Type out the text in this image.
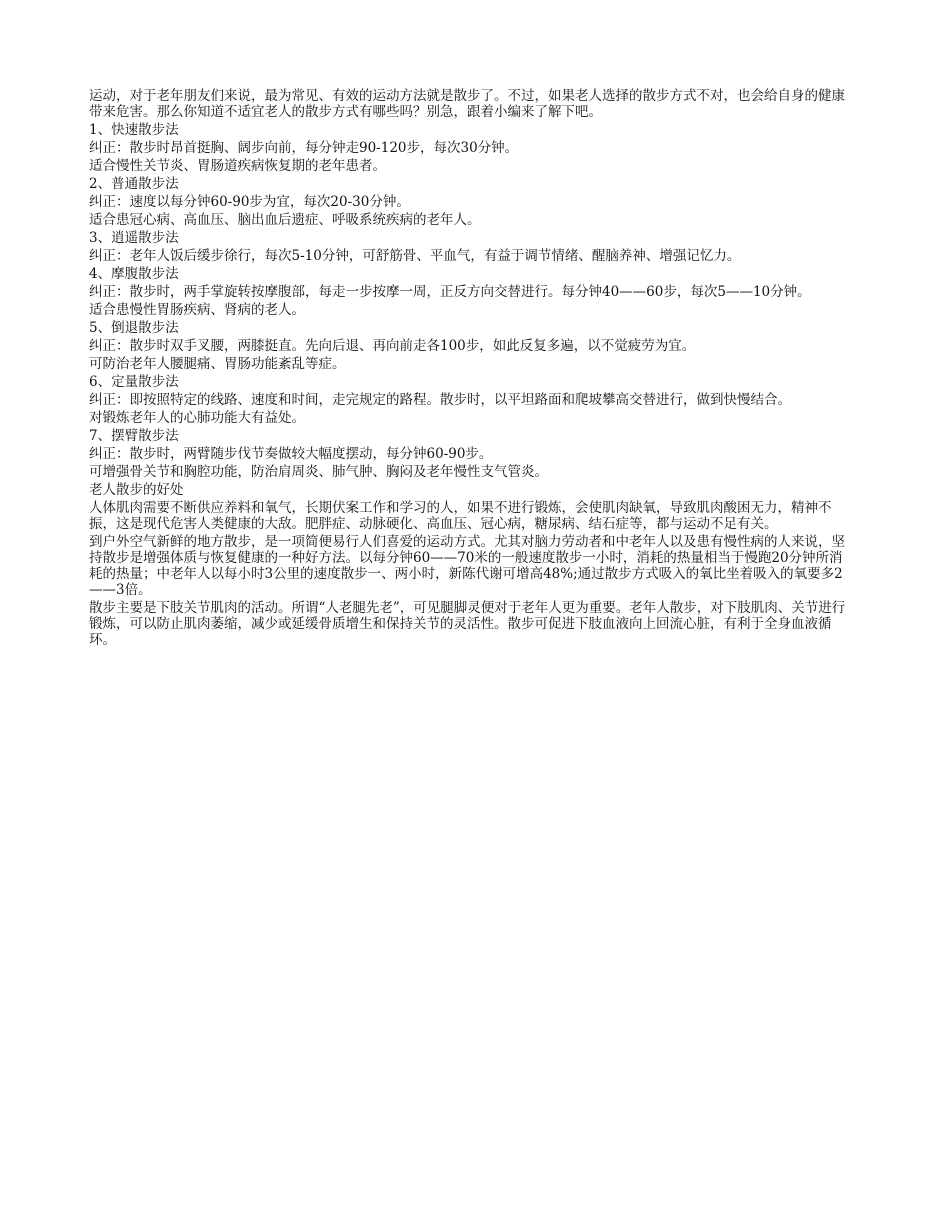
运动，对于老年朋友们来说，最为常见、有效的运动方法就是散步了。不过，如果老人选择的散步方式不对，也会给自身的健康带来危害。那么你知道不适宜老人的散步方式有哪些吗？别急，跟着小编来了解下吧。

1、快速散步法

纠正：散步时昂首挺胸、阔步向前，每分钟走90-120步，每次30分钟。

适合慢性关节炎、胃肠道疾病恢复期的老年患者。

2、普通散步法

纠正：速度以每分钟60-90步为宜，每次20-30分钟。

适合患冠心病、高血压、脑出血后遗症、呼吸系统疾病的老年人。

3、逍遥散步法

纠正：老年人饭后缓步徐行，每次5-10分钟，可舒筋骨、平血气，有益于调节情绪、醒脑养神、增强记忆力。

4、摩腹散步法

纠正：散步时，两手掌旋转按摩腹部，每走一步按摩一周，正反方向交替进行。每分钟40——60步，每次5——10分钟。

适合患慢性胃肠疾病、肾病的老人。

5、倒退散步法

纠正：散步时双手叉腰，两膝挺直。先向后退、再向前走各100步，如此反复多遍，以不觉疲劳为宜。

可防治老年人腰腿痛、胃肠功能紊乱等症。

6、定量散步法

纠正：即按照特定的线路、速度和时间，走完规定的路程。散步时，以平坦路面和爬坡攀高交替进行，做到快慢结合。

对锻炼老年人的心肺功能大有益处。

7、摆臂散步法

纠正：散步时，两臂随步伐节奏做较大幅度摆动，每分钟60-90步。

可增强骨关节和胸腔功能，防治肩周炎、肺气肿、胸闷及老年慢性支气管炎。

老人散步的好处

人体肌肉需要不断供应养料和氧气，长期伏案工作和学习的人，如果不进行锻炼，会使肌肉缺氧，导致肌肉酸困无力，精神不振，这是现代危害人类健康的大敌。肥胖症、动脉硬化、高血压、冠心病，糖尿病、结石症等，都与运动不足有关。

到户外空气新鲜的地方散步，是一项简便易行人们喜爱的运动方式。尤其对脑力劳动者和中老年人以及患有慢性病的人来说，坚持散步是增强体质与恢复健康的一种好方法。以每分钟60——70米的一般速度散步一小时，消耗的热量相当于慢跑20分钟所消耗的热量；中老年人以每小时3公里的速度散步一、两小时，新陈代谢可增高48%;通过散步方式吸入的氧比坐着吸入的氧要多2——3倍。

散步主要是下肢关节肌肉的活动。所谓“人老腿先老”，可见腿脚灵便对于老年人更为重要。老年人散步，对下肢肌肉、关节进行锻炼，可以防止肌肉萎缩，减少或延缓骨质增生和保持关节的灵活性。散步可促进下肢血液向上回流心脏，有利于全身血液循环。
